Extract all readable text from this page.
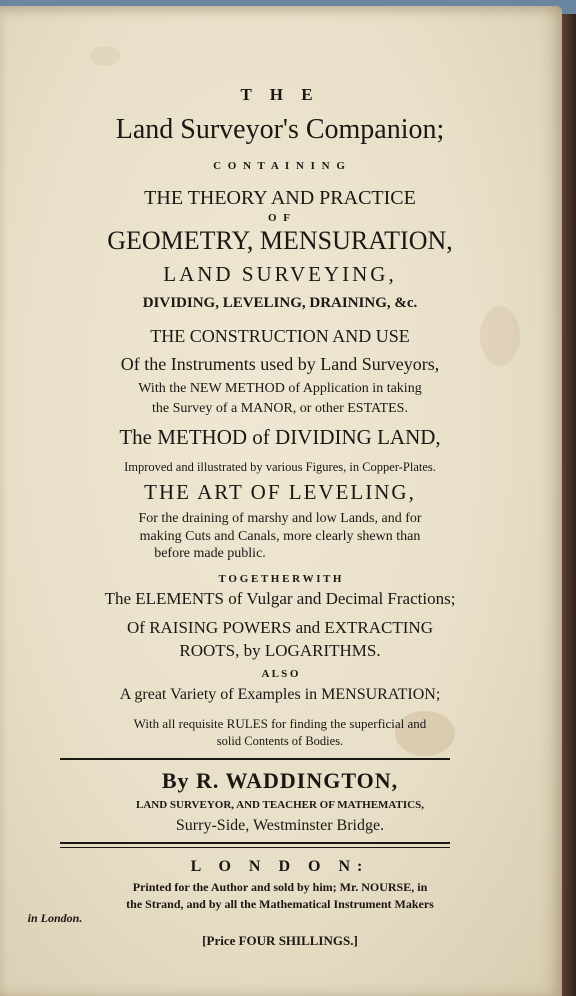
T H E
Land Surveyor's Companion;
C O N T A I N I N G
THE THEORY AND PRACTICE
O F
GEOMETRY, MENSURATION,
LAND SURVEYING,
DIVIDING, LEVELING, DRAINING, &c.
THE CONSTRUCTION AND USE
Of the Instruments used by Land Surveyors,
With the NEW METHOD of Application in taking
the Survey of a MANOR, or other ESTATES.
The METHOD of DIVIDING LAND,
Improved and illustrated by various Figures, in Copper-Plates.
THE ART OF LEVELING,
For the draining of marshy and low Lands, and for
making Cuts and Canals, more clearly shewn than
before made public.
T O G E T H E R W I T H
The ELEMENTS of Vulgar and Decimal Fractions;
Of RAISING POWERS and EXTRACTING
ROOTS, by LOGARITHMS.
A L S O
A great Variety of Examples in MENSURATION;
With all requisite RULES for finding the superficial and
solid Contents of Bodies.
By R. WADDINGTON,
LAND SURVEYOR, AND TEACHER OF MATHEMATICS,
Surry-Side, Westminster Bridge.
L O N D O N:
Printed for the Author and sold by him; Mr. NOURSE, in
the Strand, and by all the Mathematical Instrument Makers
in London.
[Price FOUR SHILLINGS.]
